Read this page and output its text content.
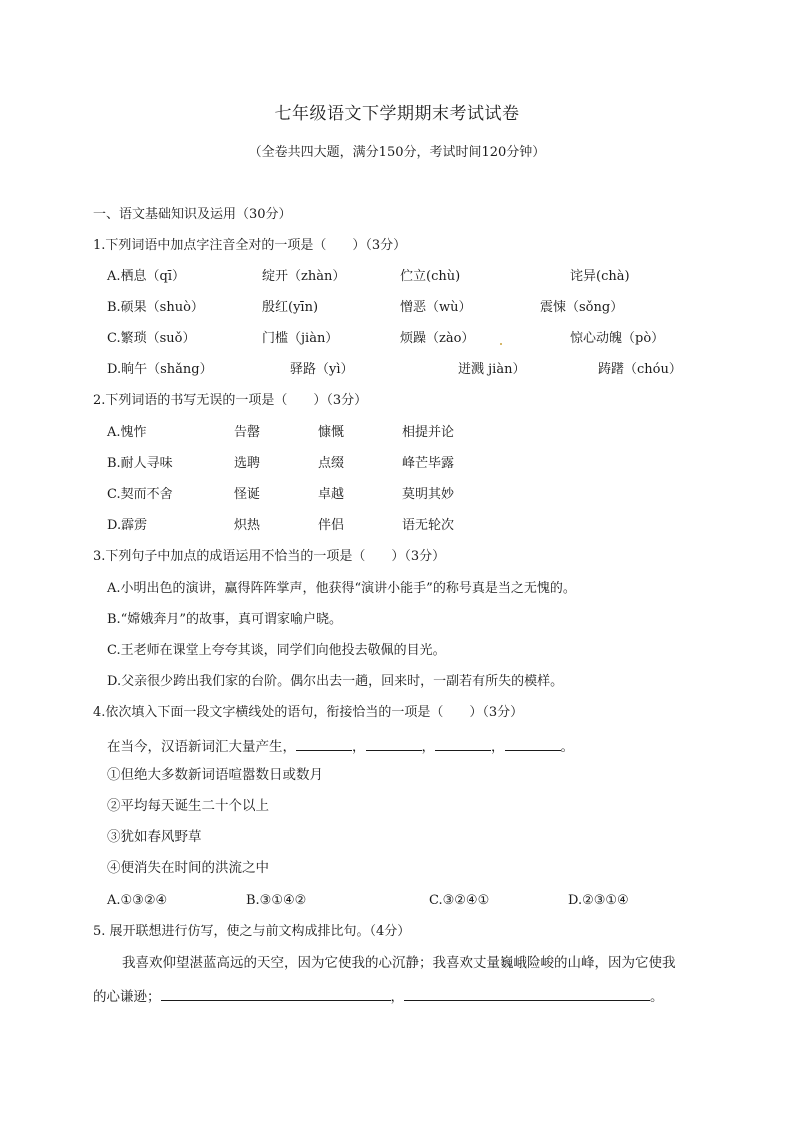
七年级语文下学期期末考试试卷
（全卷共四大题，满分150分，考试时间120分钟）
一、语文基础知识及运用（30分）
1.下列词语中加点字注音全对的一项是（　　）（3分）
A.栖息（qī）	绽开（zhàn）	伫立(chù)	诧异(chà)
B.硕果（shuò）	殷红(yīn)	憎恶（wù）	震悚（sǒng）
C.繁琐（suǒ）	门槛（jiàn）	烦躁（zào）	惊心动魄（pò）
D.晌午（shǎng）	驿路（yì）	迸溅 jiàn）	踌躇（chóu）
2.下列词语的书写无误的一项是（　　）（3分）
A.愧怍	告罄	慷慨	相提并论
B.耐人寻味	选聘	点缀	峰芒毕露
C.契而不舍	怪诞	卓越	莫明其妙
D.霹雳	炽热	伴侣	语无轮次
3.下列句子中加点的成语运用不恰当的一项是（　　）（3分）
A.小明出色的演讲，赢得阵阵掌声，他获得“演讲小能手”的称号真是当之无愧的。
B.“嫦娥奔月”的故事，真可谓家喻户晓。
C.王老师在课堂上夸夸其谈，同学们向他投去敬佩的目光。
D.父亲很少跨出我们家的台阶。偶尔出去一趟，回来时，一副若有所失的模样。
4.依次填入下面一段文字横线处的语句，衔接恰当的一项是（　　）（3分）
在当今，汉语新词汇大量产生，	，	，	，	。
①但绝大多数新词语喧嚣数日或数月
②平均每天诞生二十个以上
③犹如春风野草
④便消失在时间的洪流之中
A.①③②④	B.③①④②	C.③②④①	D.②③①④
5. 展开联想进行仿写，使之与前文构成排比句。（4分）
我喜欢仰望湛蓝高远的天空，因为它使我的心沉静；我喜欢丈量巍峨险峻的山峰，因为它使我
的心谦逊；	，	。
